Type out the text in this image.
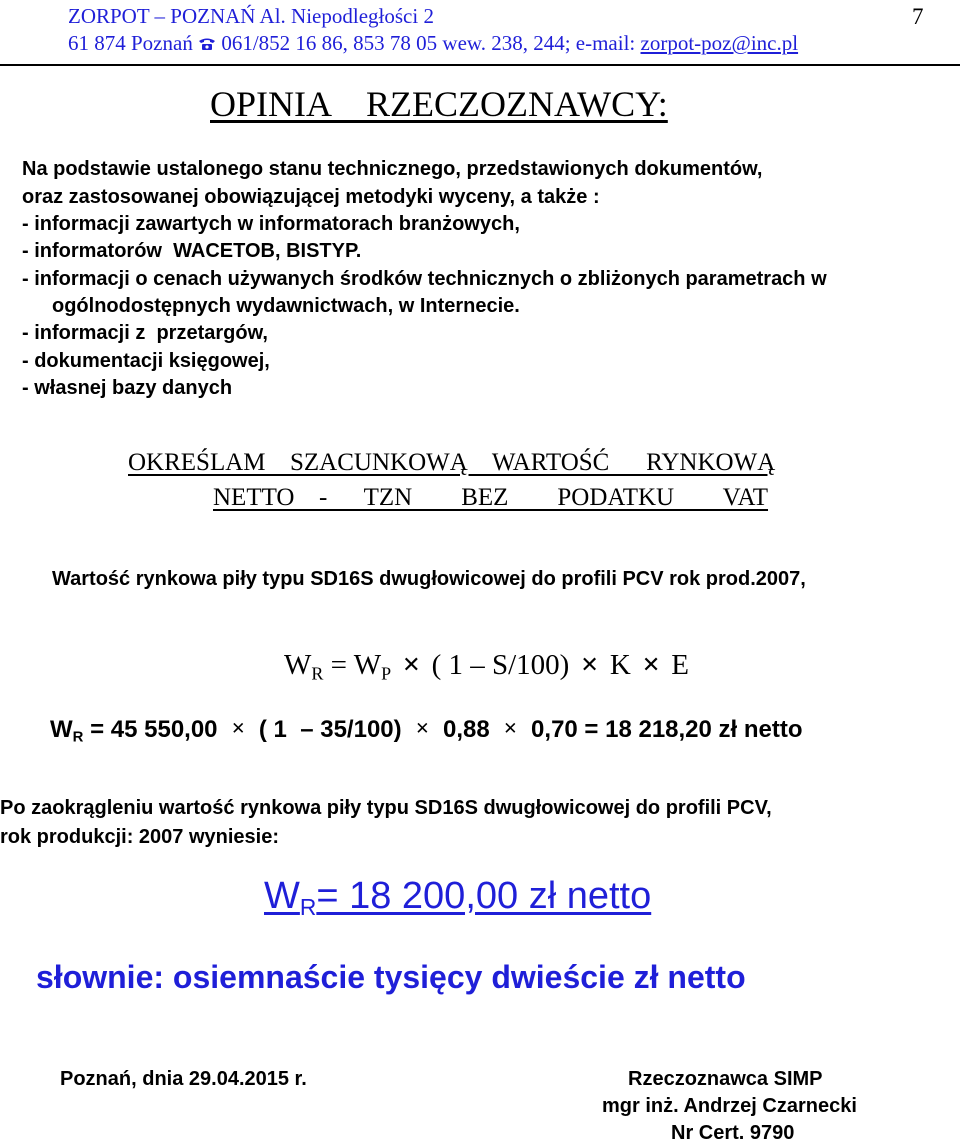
ZORPOT – POZNAŃ Al. Niepodległości 2
61 874 Poznań 061/852 16 86, 853 78 05 wew. 238, 244; e-mail: zorpot-poz@inc.pl
7
OPINIA    RZECZOZNAWCY:
Na podstawie ustalonego stanu technicznego, przedstawionych dokumentów,
oraz zastosowanej obowiązującej metodyki wyceny, a także :
- informacji zawartych w informatorach branżowych,
- informatorów  WACETOB, BISTYP.
- informacji o cenach używanych środków technicznych o zbliżonych parametrach w
ogólnodostępnych wydawnictwach, w Internecie.
- informacji z  przetargów,
- dokumentacji księgowej,
- własnej bazy danych
OKREŚLAM  SZACUNKOWĄ  WARTOŚĆ   RYNKOWĄ
NETTO  -   TZN    BEZ    PODATKU    VAT
Wartość rynkowa piły typu SD16S dwugłowicowej do profili PCV rok prod.2007,
$W_R = W_P$ ✕ ( 1 – S/100) ✕ K ✕ E
$W_R = 45$ 550,00 ✕ ( 1  – 35/100) ✕ 0,88 ✕ 0,70 = 18 218,20 zł netto
Po zaokrągleniu wartość rynkowa piły typu SD16S dwugłowicowej do profili PCV,
rok produkcji: 2007 wyniesie:
$W_R= 18$ 200,00 zł netto
słownie: osiemnaście tysięcy dwieście zł netto
Poznań, dnia 29.04.2015 r.	Rzeczoznawca SIMP
mgr inż. Andrzej Czarnecki
Nr Cert. 9790
